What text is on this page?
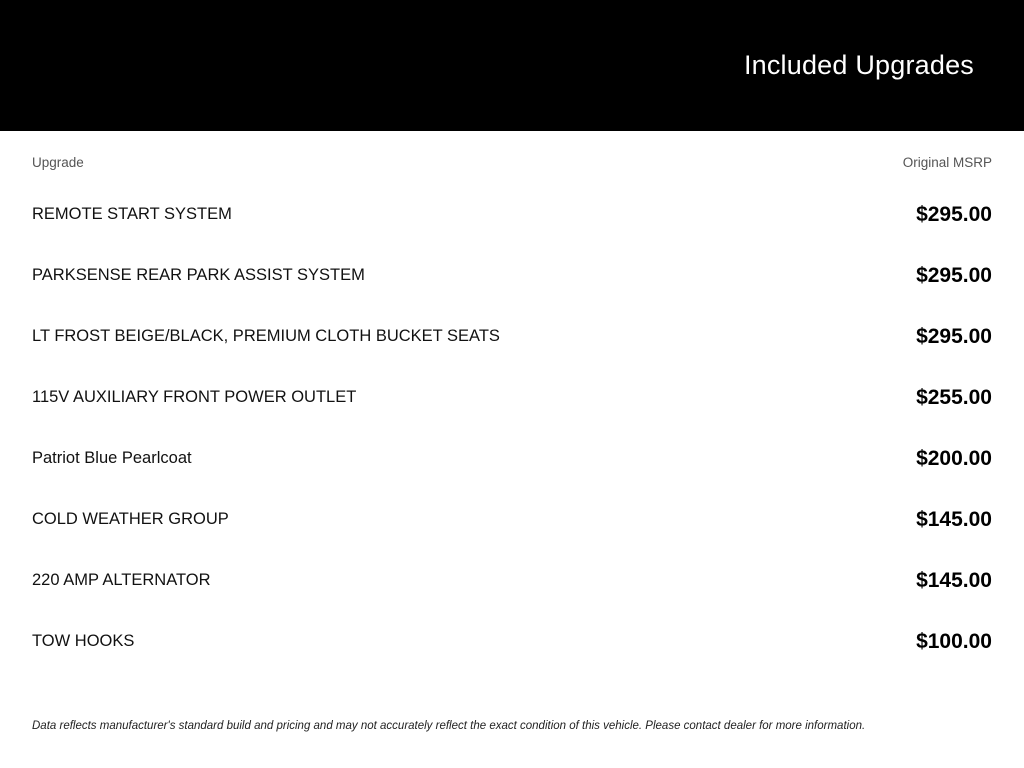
Included Upgrades
Upgrade	Original MSRP
REMOTE START SYSTEM	$295.00
PARKSENSE REAR PARK ASSIST SYSTEM	$295.00
LT FROST BEIGE/BLACK, PREMIUM CLOTH BUCKET SEATS	$295.00
115V AUXILIARY FRONT POWER OUTLET	$255.00
Patriot Blue Pearlcoat	$200.00
COLD WEATHER GROUP	$145.00
220 AMP ALTERNATOR	$145.00
TOW HOOKS	$100.00
Data reflects manufacturer's standard build and pricing and may not accurately reflect the exact condition of this vehicle. Please contact dealer for more information.
